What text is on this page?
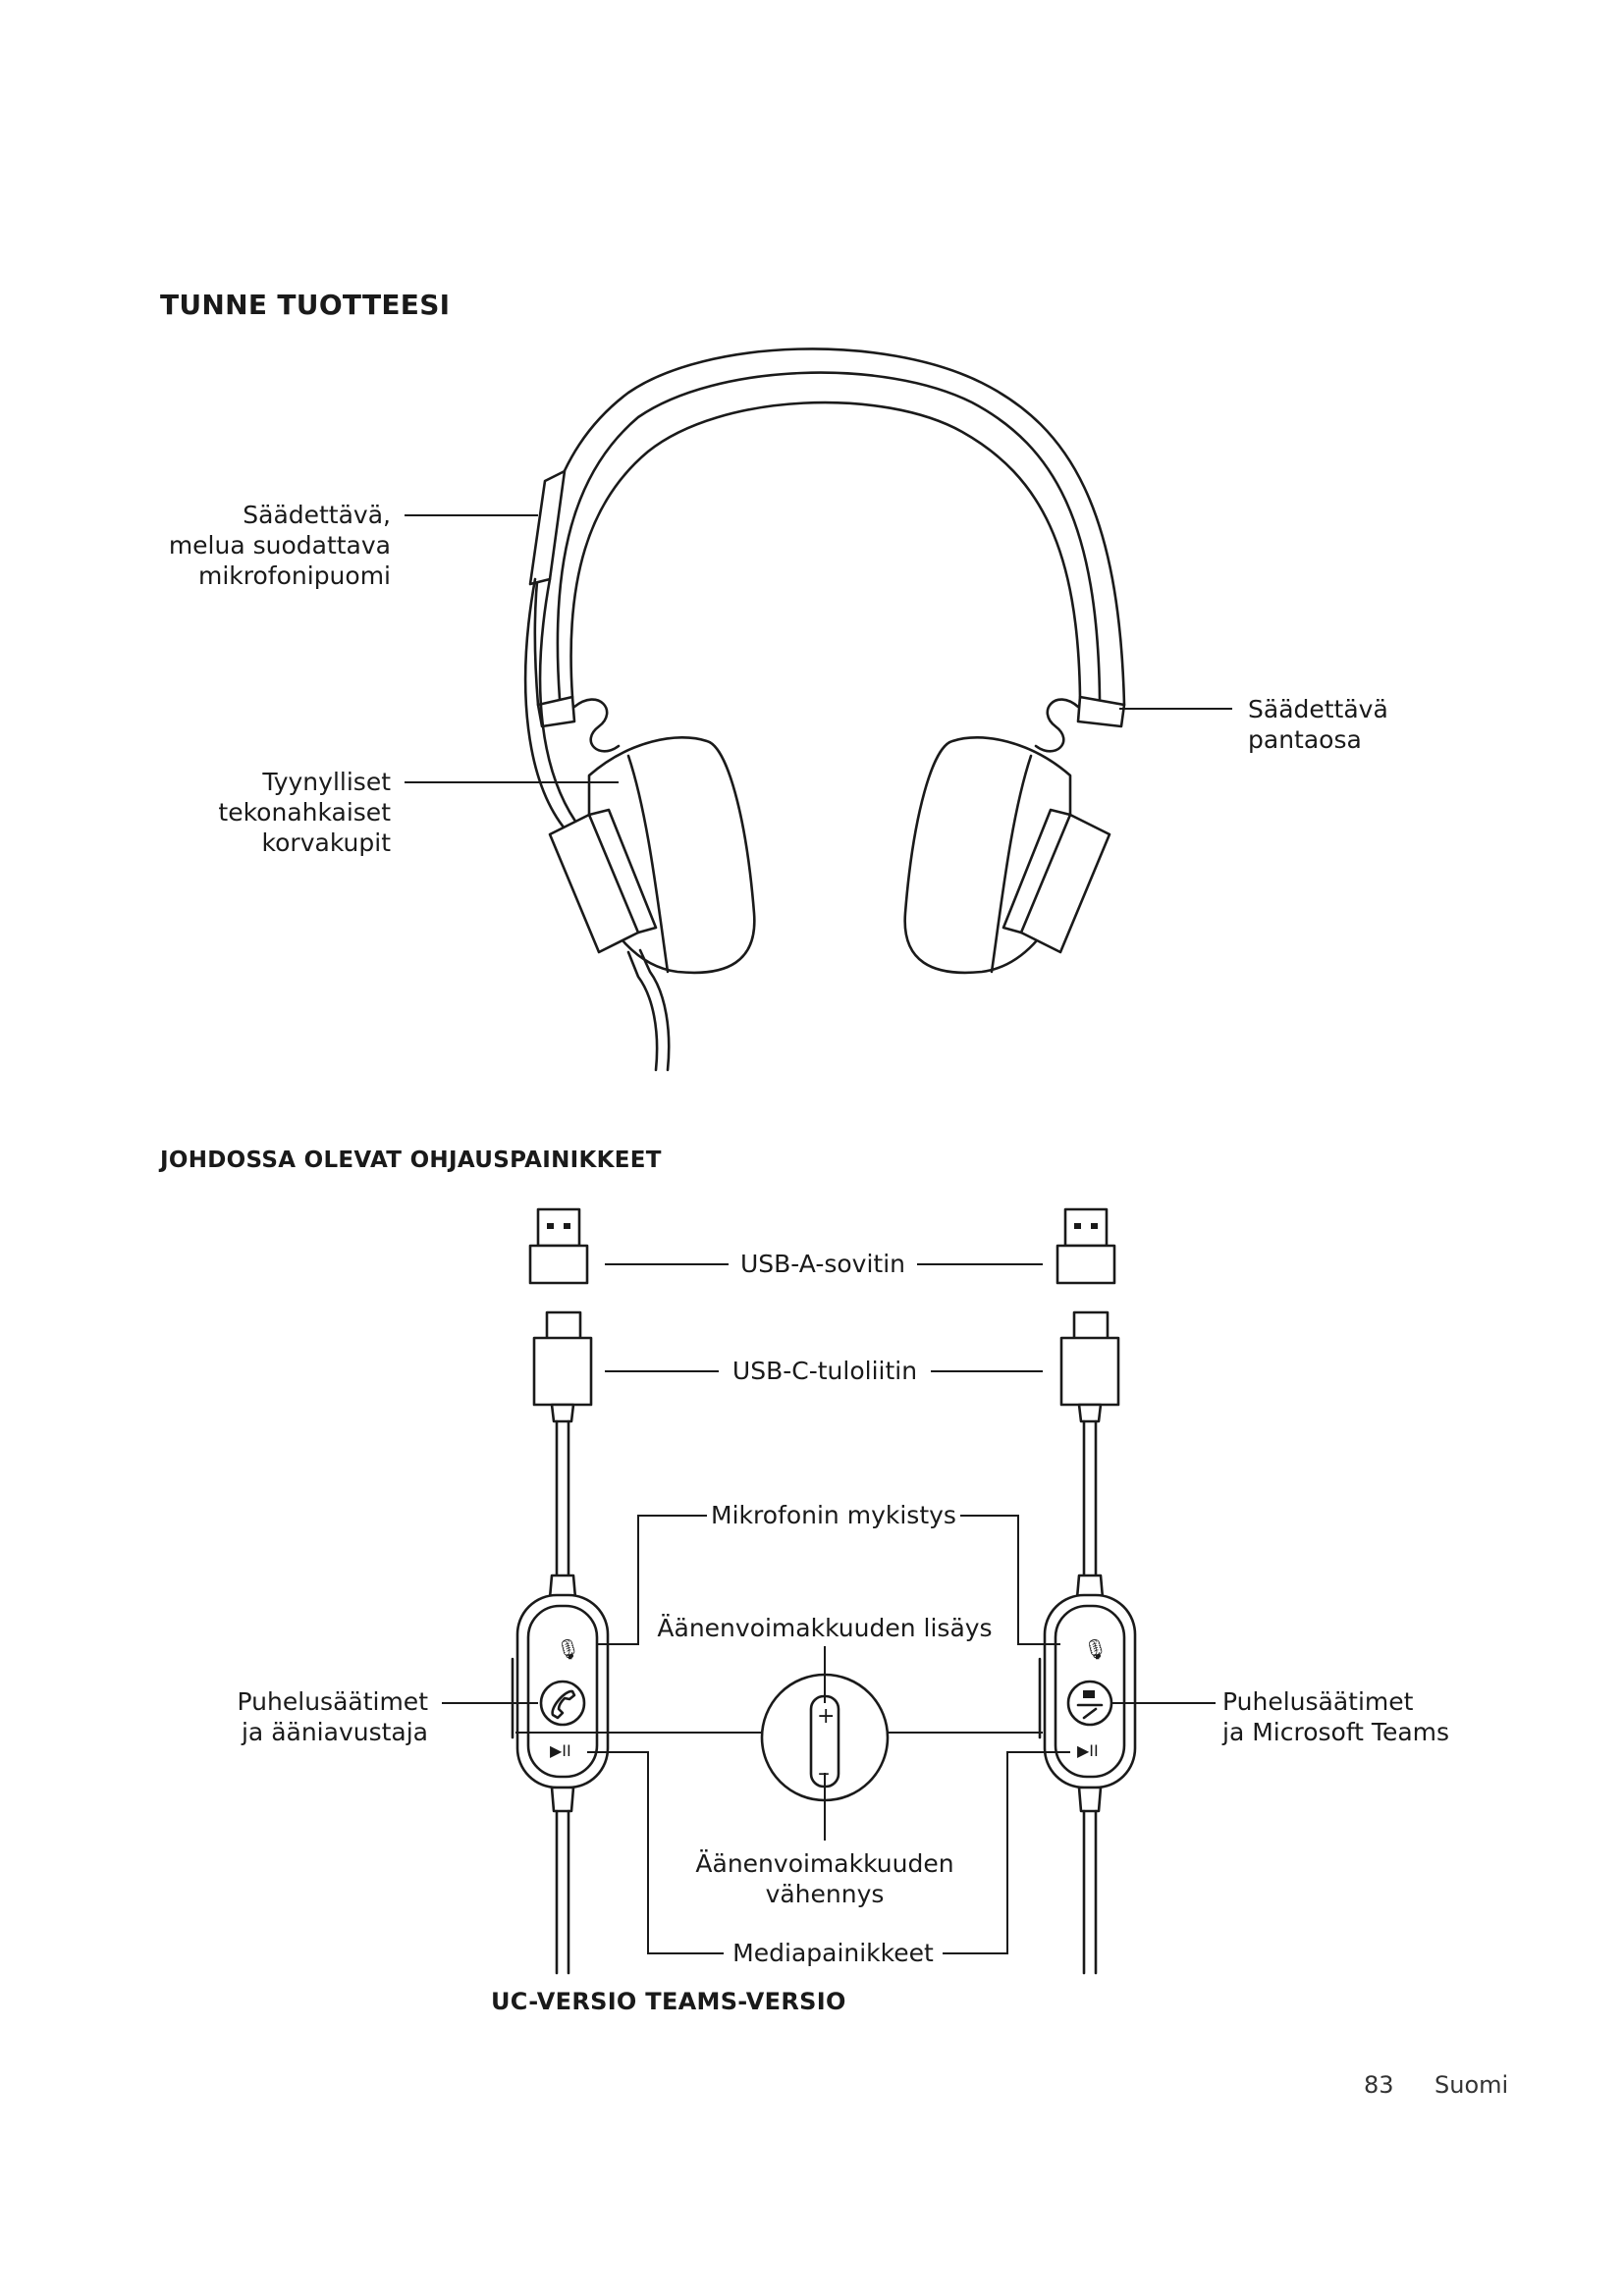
🎙
▶II
🎙
▶II
+
–
TUNNE TUOTTEESI
Säädettävä,
melua suodattava
mikrofonipuomi
Tyynylliset
tekonahkaiset
korvakupit
Säädettävä
pantaosa
JOHDOSSA OLEVAT OHJAUSPAINIKKEET
USB-A-sovitin
USB-C-tuloliitin
Mikrofonin mykistys
Äänenvoimakkuuden lisäys
Puhelusäätimet
ja ääniavustaja
Puhelusäätimet
ja Microsoft Teams
Äänenvoimakkuuden
vähennys
Mediapainikkeet
UC-VERSIO TEAMS-VERSIO
83 Suomi
